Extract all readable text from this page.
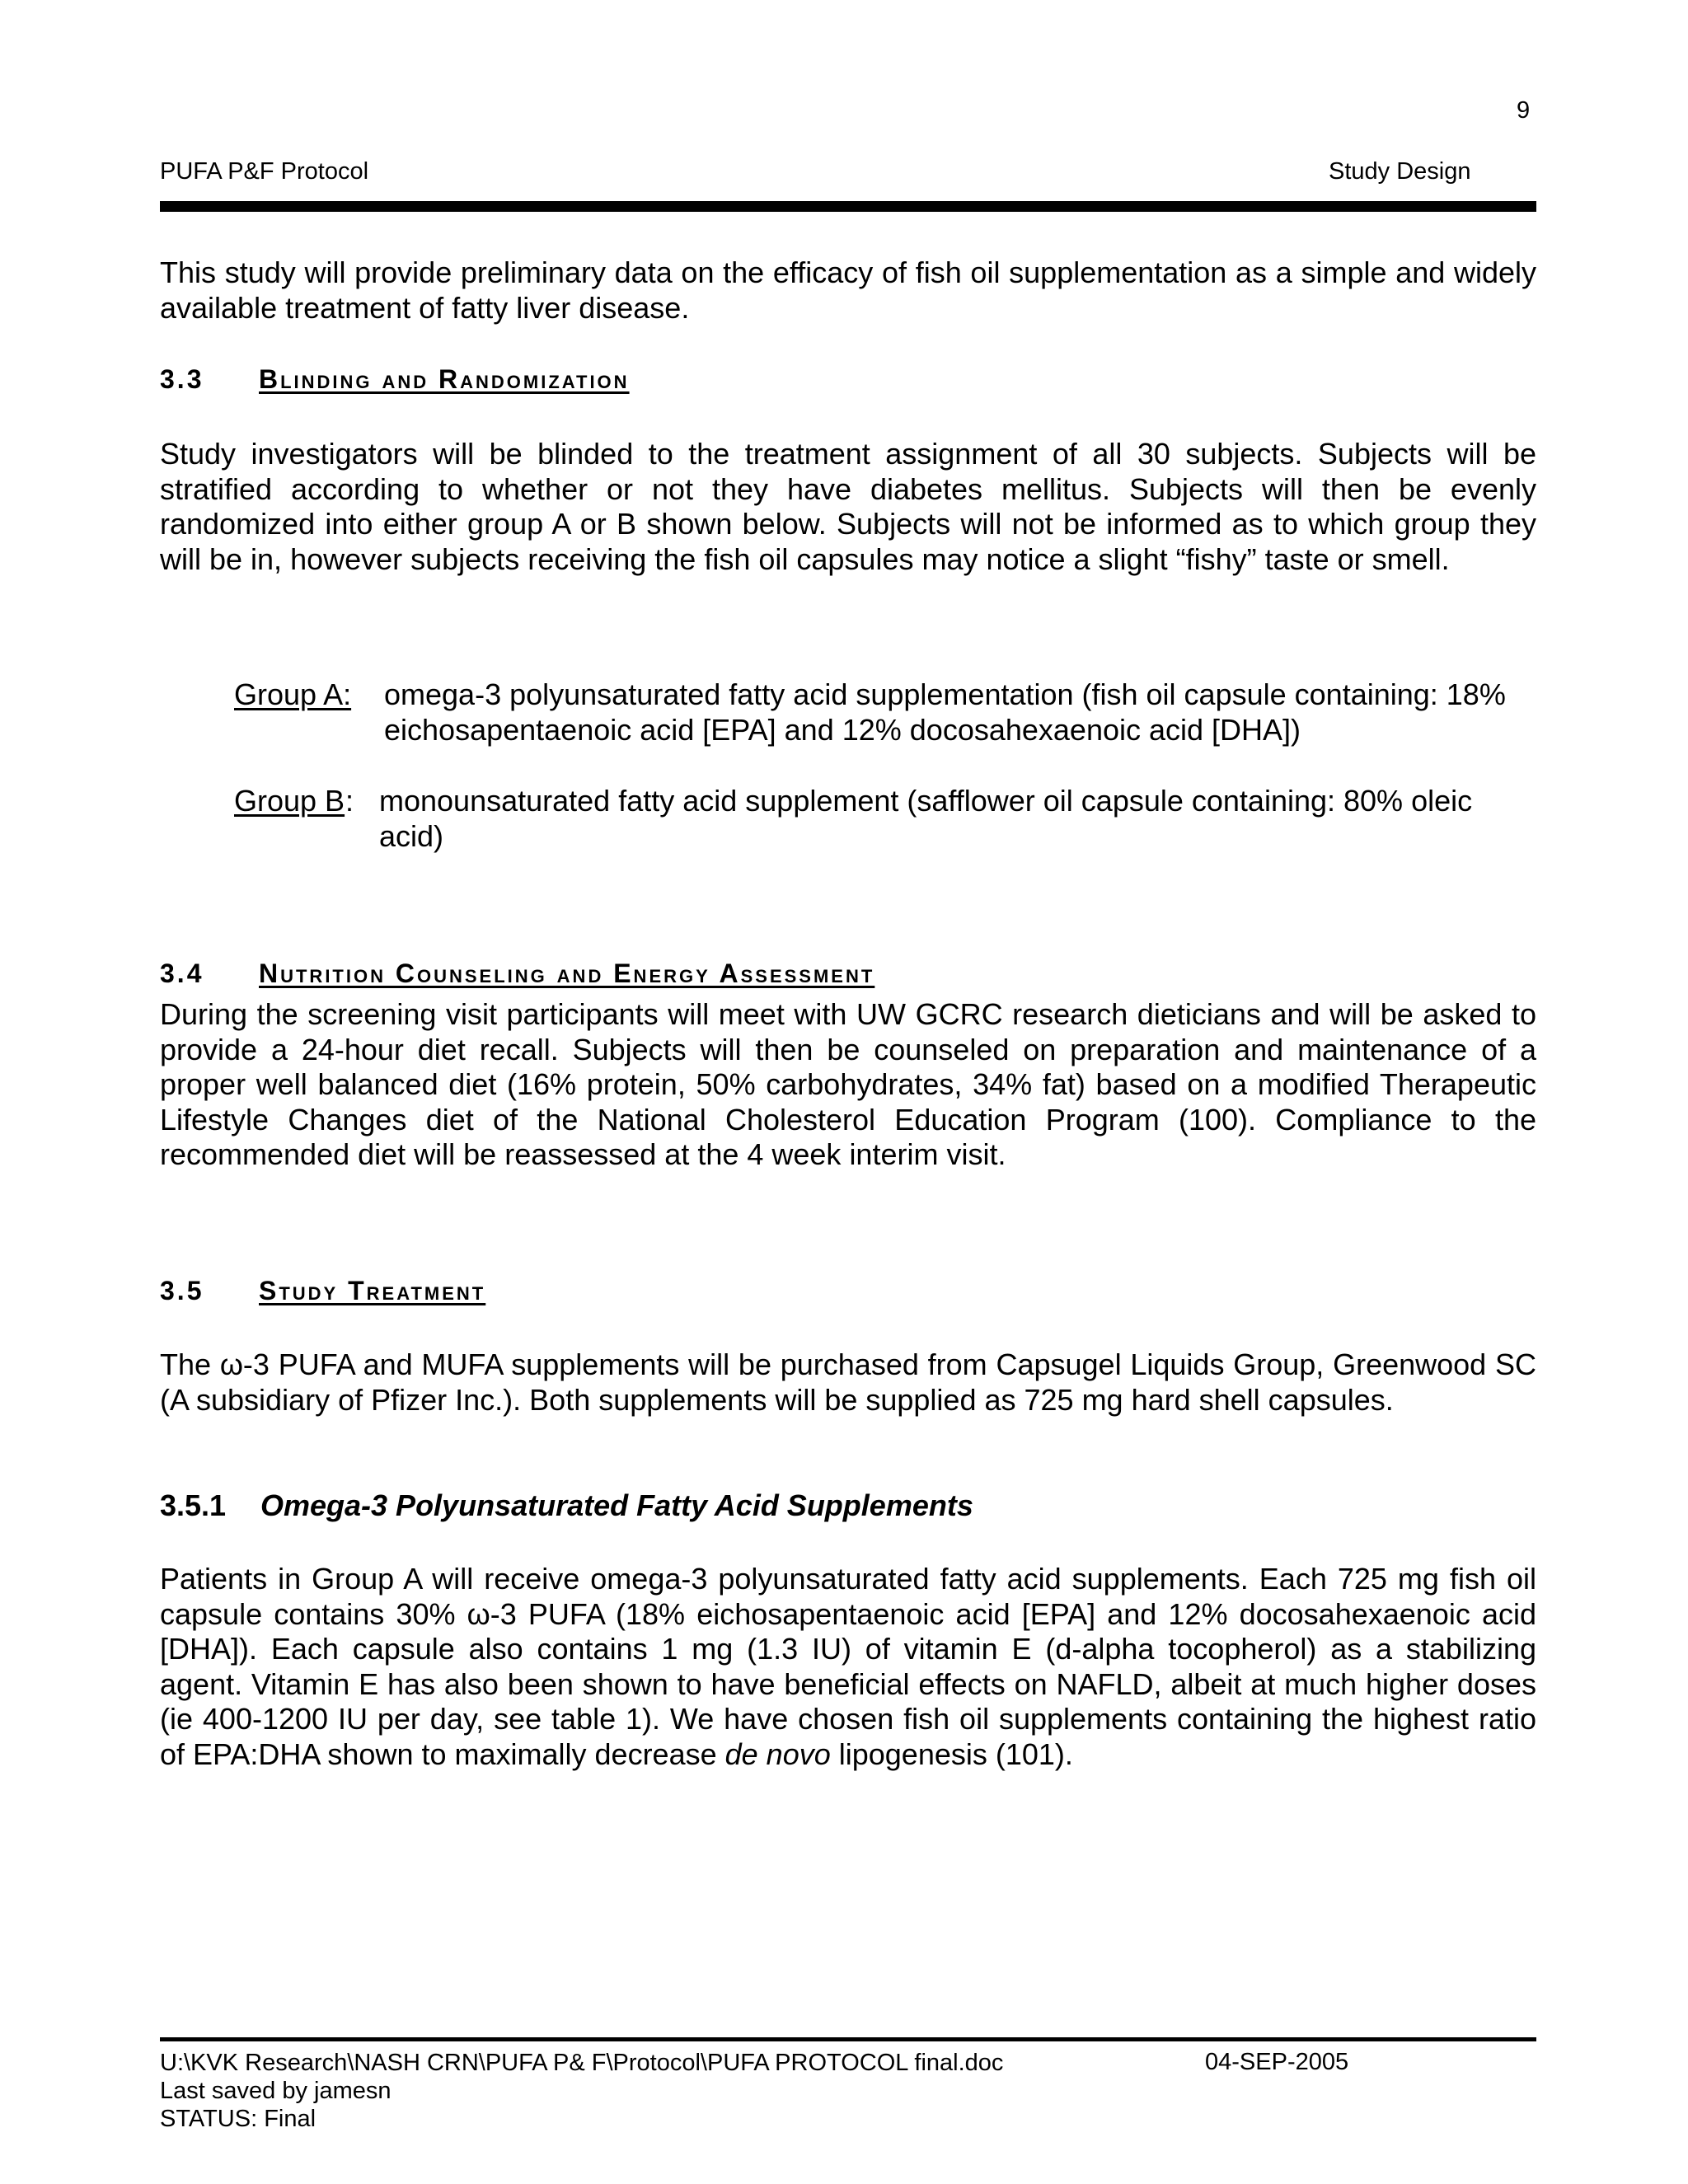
9
PUFA P&F Protocol	Study Design

This study will provide preliminary data on the efficacy of fish oil supplementation as a simple and widely available treatment of fatty liver disease.

3.3 Blinding and Randomization

Study investigators will be blinded to the treatment assignment of all 30 subjects. Subjects will be stratified according to whether or not they have diabetes mellitus. Subjects will then be evenly randomized into either group A or B shown below. Subjects will not be informed as to which group they will be in, however subjects receiving the fish oil capsules may notice a slight “fishy” taste or smell.

Group A: omega-3 polyunsaturated fatty acid supplementation (fish oil capsule containing: 18% eichosapentaenoic acid [EPA] and 12% docosahexaenoic acid [DHA])
Group B : monounsaturated fatty acid supplement (safflower oil capsule containing: 80% oleic acid)
3.4 Nutrition Counseling and Energy Assessment

During the screening visit participants will meet with UW GCRC research dieticians and will be asked to provide a 24-hour diet recall. Subjects will then be counseled on preparation and maintenance of a proper well balanced diet (16% protein, 50% carbohydrates, 34% fat) based on a modified Therapeutic Lifestyle Changes diet of the National Cholesterol Education Program (100). Compliance to the recommended diet will be reassessed at the 4 week interim visit.

3.5 Study Treatment

The ω-3 PUFA and MUFA supplements will be purchased from Capsugel Liquids Group, Greenwood SC (A subsidiary of Pfizer Inc.). Both supplements will be supplied as 725 mg hard shell capsules.

3.5.1 Omega-3 Polyunsaturated Fatty Acid Supplements

Patients in Group A will receive omega-3 polyunsaturated fatty acid supplements. Each 725 mg fish oil capsule contains 30% ω-3 PUFA (18% eichosapentaenoic acid [EPA] and 12% docosahexaenoic acid [DHA]). Each capsule also contains 1 mg (1.3 IU) of vitamin E (d-alpha tocopherol) as a stabilizing agent. Vitamin E has also been shown to have beneficial effects on NAFLD, albeit at much higher doses (ie 400-1200 IU per day, see table 1). We have chosen fish oil supplements containing the highest ratio of EPA:DHA shown to maximally decrease de novo lipogenesis (101).

U:\KVK Research\NASH CRN\PUFA P& F\Protocol\PUFA PROTOCOL final.doc	04-SEP-2005
Last saved by jamesn
STATUS: Final
